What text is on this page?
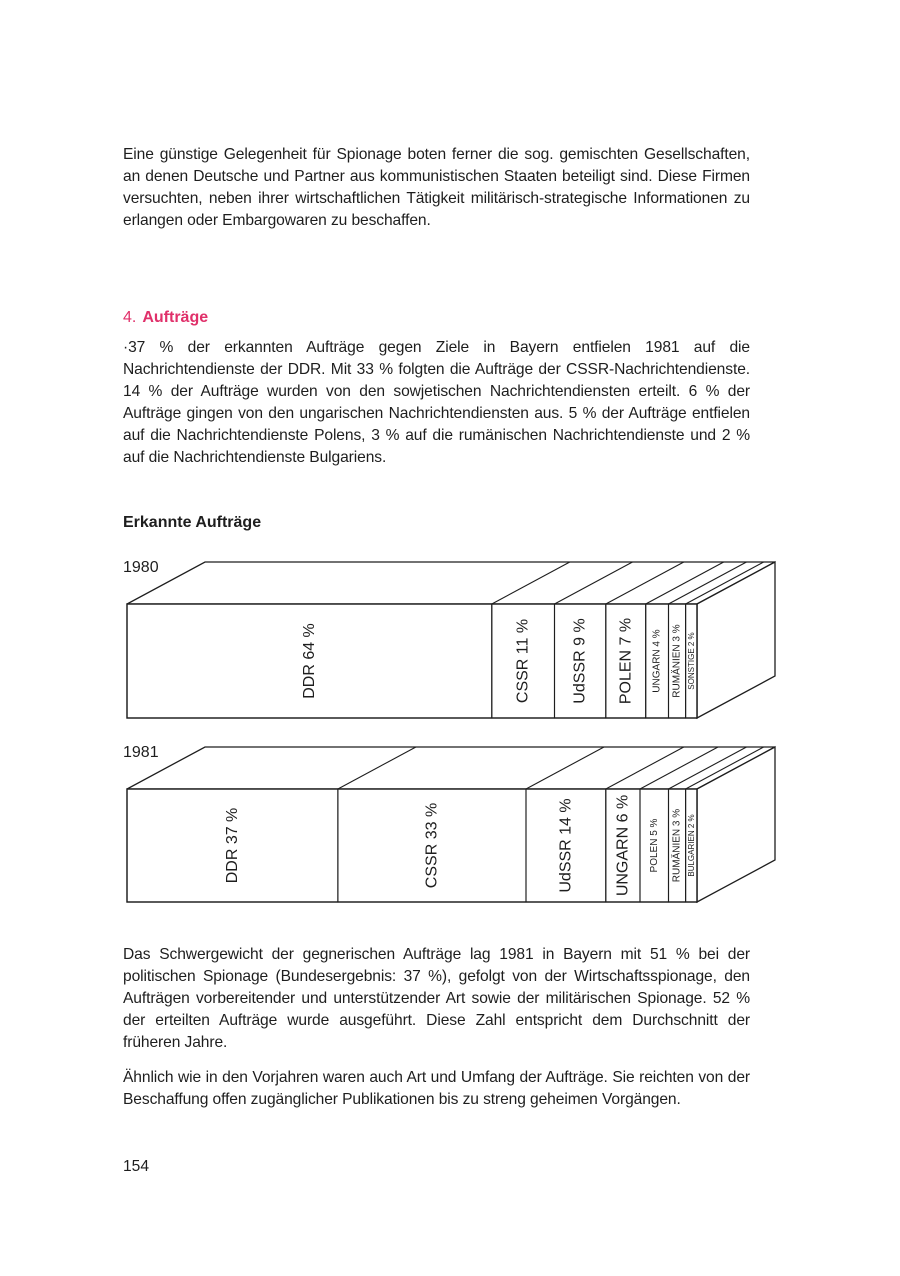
Eine günstige Gelegenheit für Spionage boten ferner die sog. gemischten Gesellschaften, an denen Deutsche und Partner aus kommunistischen Staaten beteiligt sind. Diese Firmen versuchten, neben ihrer wirtschaftlichen Tätigkeit militärisch-strategische Informationen zu erlangen oder Embargowaren zu beschaffen.

4. Aufträge

·37 % der erkannten Aufträge gegen Ziele in Bayern entfielen 1981 auf die Nachrichtendienste der DDR. Mit 33 % folgten die Aufträge der CSSR-Nachrichtendienste. 14 % der Aufträge wurden von den sowjetischen Nachrichtendiensten erteilt. 6 % der Aufträge gingen von den ungarischen Nachrichtendiensten aus. 5 % der Aufträge entfielen auf die Nachrichtendienste Polens, 3 % auf die rumänischen Nachrichtendienste und 2 % auf die Nachrichtendienste Bulgariens.

Erkannte Aufträge
1980
DDR 64 %	CSSR 11 %	UdSSR 9 % POLEN 7 % UNGARN 4 % RUMÄNIEN 3 % SONSTIGE 2 %
1981
DDR 37 %	CSSR 33 %	UdSSR 14 %	UNGARN 6 % POLEN 5 % RUMÄNIEN 3 % BULGARIEN 2 %

Das Schwergewicht der gegnerischen Aufträge lag 1981 in Bayern mit 51 % bei der politischen Spionage (Bundesergebnis: 37 %), gefolgt von der Wirtschaftsspionage, den Aufträgen vorbereitender und unterstützender Art sowie der militärischen Spionage. 52 % der erteilten Aufträge wurde ausgeführt. Diese Zahl entspricht dem Durchschnitt der früheren Jahre.

Ähnlich wie in den Vorjahren waren auch Art und Umfang der Aufträge. Sie reichten von der Beschaffung offen zugänglicher Publikationen bis zu streng geheimen Vorgängen.

154
